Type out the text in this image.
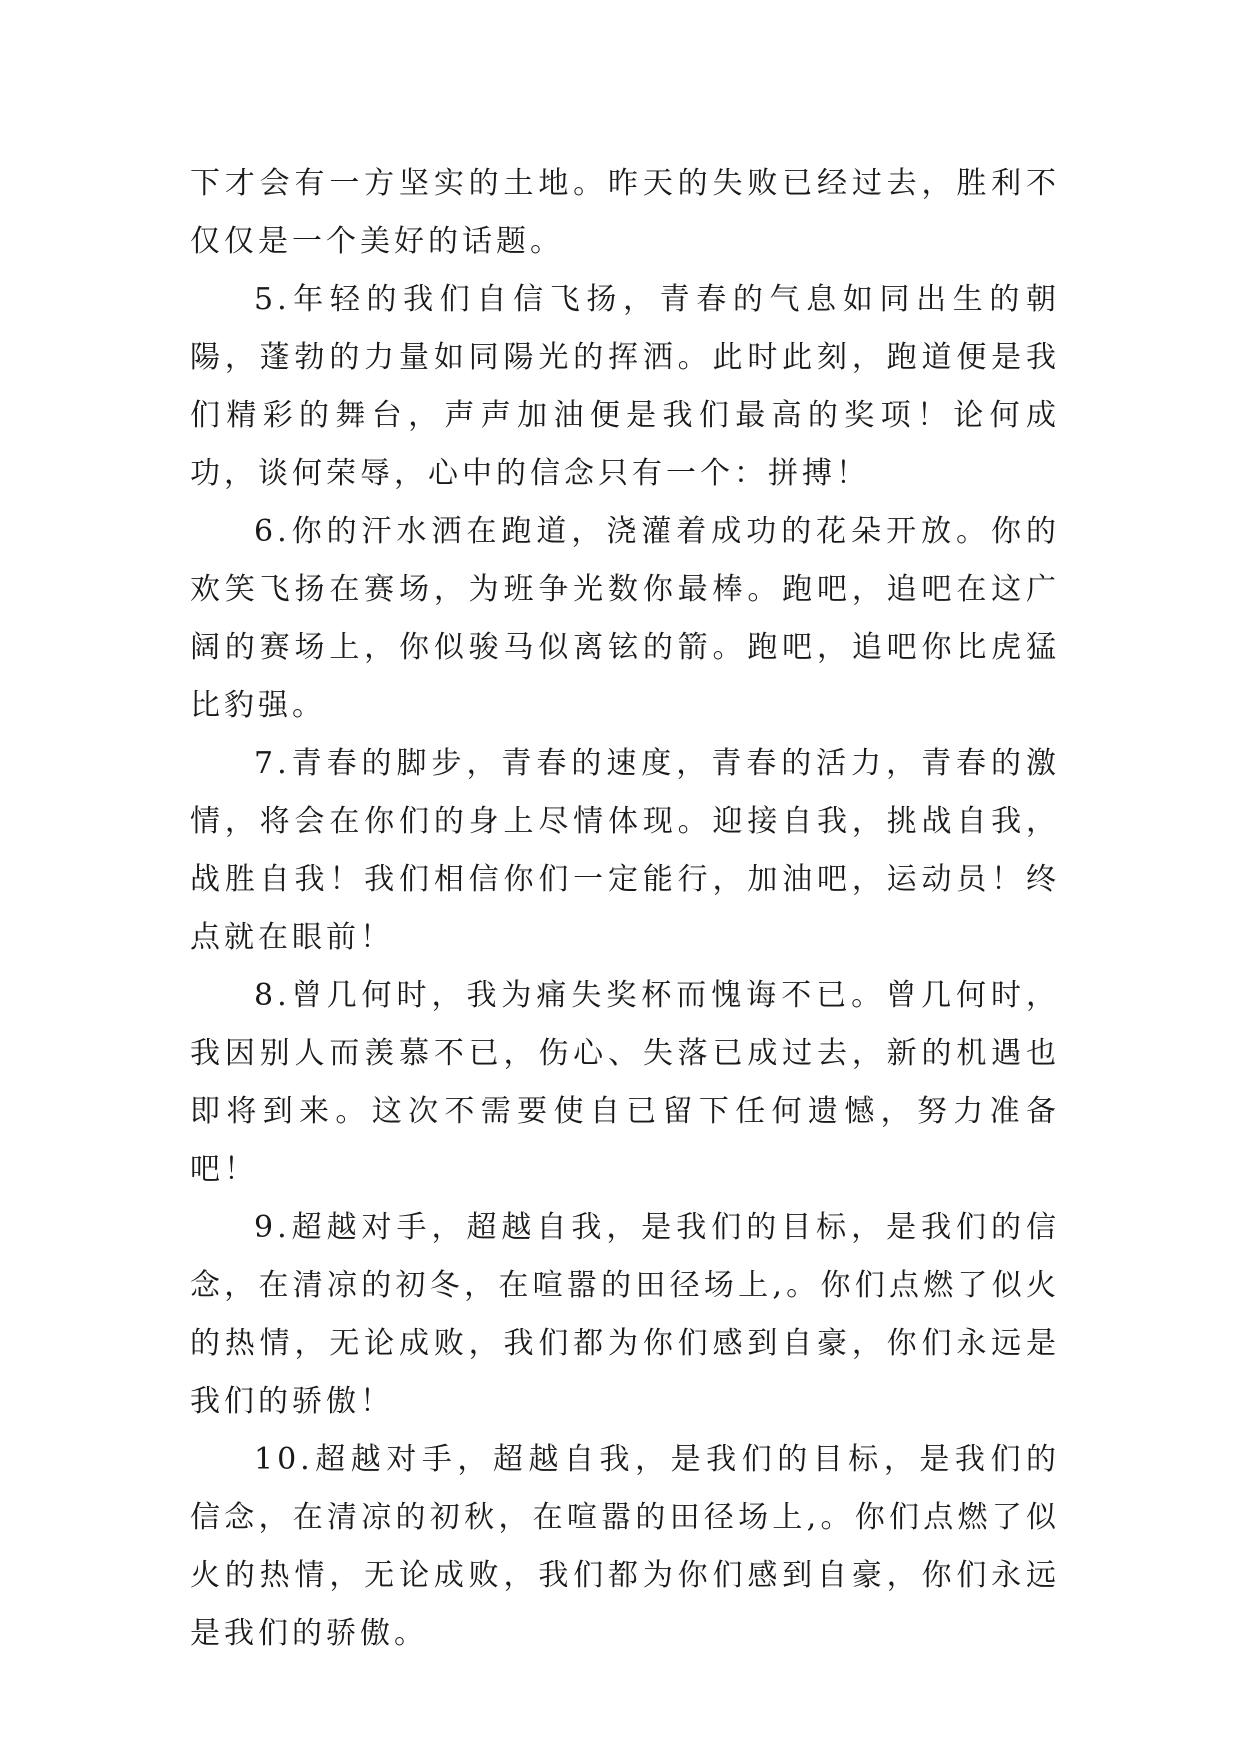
下才会有一方坚实的土地。昨天的失败已经过去，胜利不仅仅是一个美好的话题。

5.年轻的我们自信飞扬，青春的气息如同出生的朝陽，蓬勃的力量如同陽光的挥洒。此时此刻，跑道便是我们精彩的舞台，声声加油便是我们最高的奖项！论何成功，谈何荣辱，心中的信念只有一个：拼搏！

6.你的汗水洒在跑道，浇灌着成功的花朵开放。你的欢笑飞扬在赛场，为班争光数你最棒。跑吧，追吧在这广阔的赛场上，你似骏马似离铉的箭。跑吧，追吧你比虎猛比豹强。

7.青春的脚步，青春的速度，青春的活力，青春的激情，将会在你们的身上尽情体现。迎接自我，挑战自我，战胜自我！我们相信你们一定能行，加油吧，运动员！终点就在眼前！

8.曾几何时，我为痛失奖杯而愧诲不已。曾几何时，我因别人而羡慕不已，伤心、失落已成过去，新的机遇也即将到来。这次不需要使自已留下任何遗憾，努力准备吧！

9.超越对手，超越自我，是我们的目标，是我们的信念，在清凉的初冬，在喧嚣的田径场上,。你们点燃了似火的热情，无论成败，我们都为你们感到自豪，你们永远是我们的骄傲！

10.超越对手，超越自我，是我们的目标，是我们的信念，在清凉的初秋，在喧嚣的田径场上,。你们点燃了似火的热情，无论成败，我们都为你们感到自豪，你们永远是我们的骄傲。
